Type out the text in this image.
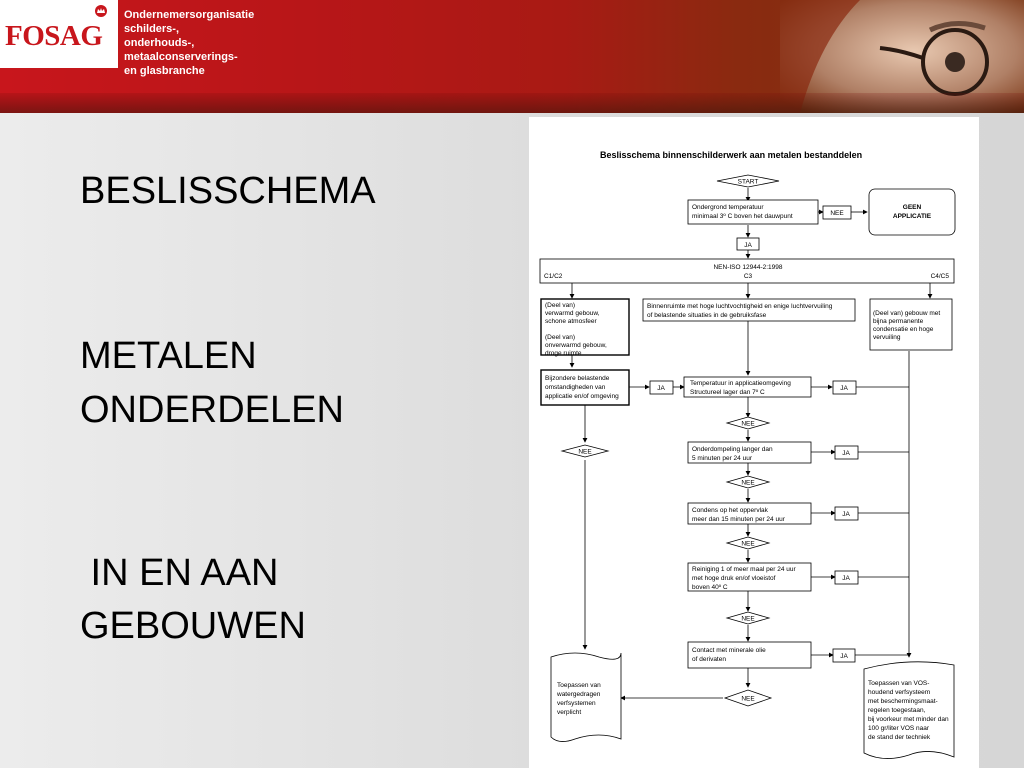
FOSAG
Ondernemersorganisatie schilders-,
onderhouds-, metaalconserverings-
en glasbranche
BESLISSCHEMA
METALEN
ONDERDELEN
IN EN AAN
GEBOUWEN
Beslisschema binnenschilderwerk aan metalen bestanddelen
START
Ondergrond temperatuur
minimaal 3º C boven het dauwpunt	NEE
GEEN
APPLICATIE
JA
NEN-ISO 12944-2:1998
C1/C2	C3	C4/C5
(Deel van)
verwarmd gebouw,
schone atmosfeer
(Deel van)
onverwarmd gebouw,
droge ruimte
Binnenruimte met hoge luchtvochtigheid en enige luchtvervuiling
of belastende situaties in de gebruiksfase	(Deel van) gebouw met
bijna permanente
condensatie en hoge
vervuiling
Bijzondere belastende
omstandigheden van
applicatie en/of omgeving
JA
Temperatuur in applicatieomgeving
Structureel lager dan 7º C
JA
NEE
NEE
Onderdompeling langer dan
5 minuten per 24 uur
JA
NEE
Condens op het oppervlak
meer dan 15 minuten per 24 uur
JA
NEE
Reiniging 1 of meer maal per 24 uur
met hoge druk en/of vloeistof
boven 40º C
JA
NEE
Contact met minerale olie
of derivaten	JA
NEE
Toepassen van
watergedragen
verfsystemen
verplicht
Toepassen van VOS-
houdend verfsysteem
met beschermingsmaat-
regelen toegestaan,
bij voorkeur met minder dan
100 gr/liter VOS naar
de stand der techniek
